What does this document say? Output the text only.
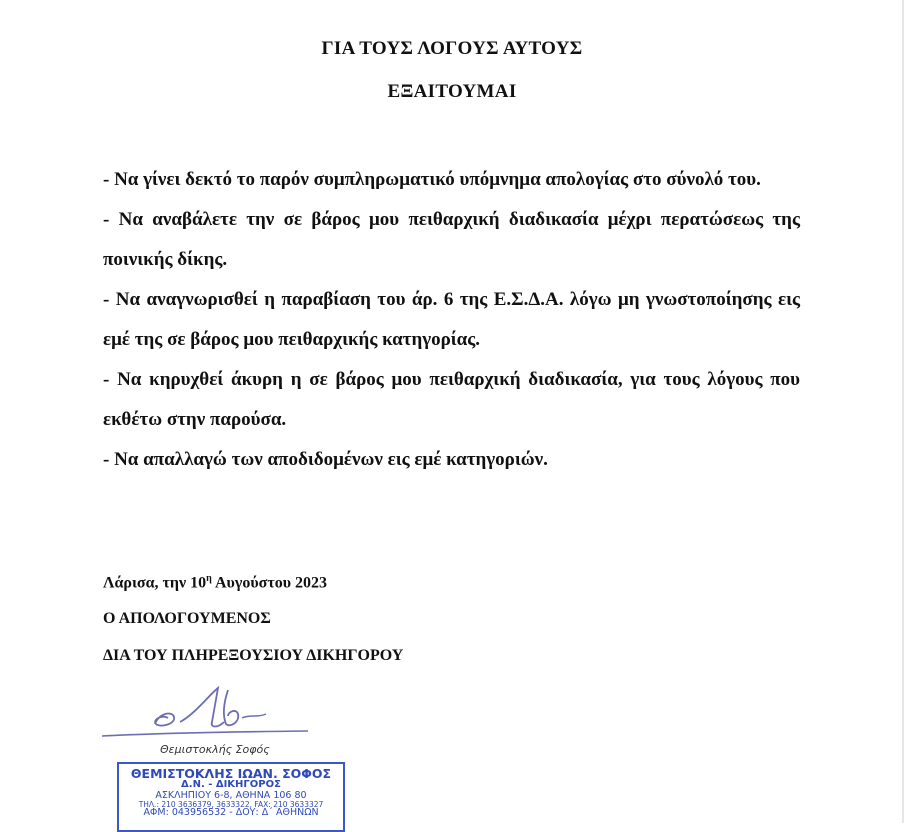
ΓΙΑ ΤΟΥΣ ΛΟΓΟΥΣ ΑΥΤΟΥΣ
ΕΞΑΙΤΟΥΜΑΙ
- Να γίνει δεκτό το παρόν συμπληρωματικό υπόμνημα απολογίας στο σύνολό του.
- Να αναβάλετε την σε βάρος μου πειθαρχική διαδικασία μέχρι περατώσεως της ποινικής δίκης.
- Να αναγνωρισθεί η παραβίαση του άρ. 6 της Ε.Σ.Δ.Α. λόγω μη γνωστοποίησης εις εμέ της σε βάρος μου πειθαρχικής κατηγορίας.
- Να κηρυχθεί άκυρη η σε βάρος μου πειθαρχική διαδικασία, για τους λόγους που εκθέτω στην παρούσα.
- Να απαλλαγώ των αποδιδομένων εις εμέ κατηγοριών.
Λάρισα, την $10^\eta$ Αυγούστου 2023
Ο ΑΠΟΛΟΓΟΥΜΕΝΟΣ
ΔΙΑ ΤΟΥ ΠΛΗΡΕΞΟΥΣΙΟΥ ΔΙΚΗΓΟΡΟΥ
Θεμιστοκλής Σοφός
ΘΕΜΙΣΤΟΚΛΗΣ ΙΩΑΝ. ΣΟΦΟΣ
Δ.Ν. - ΔΙΚΗΓΟΡΟΣ
ΑΣΚΛΗΠΙΟΥ 6-8, ΑΘΗΝΑ 106 80
ΤΗΛ.: 210 3636379, 3633322, FAX: 210 3633327
ΑΦΜ: 043956532 - ΔΟΥ: Δ΄ ΑΘΗΝΩΝ
